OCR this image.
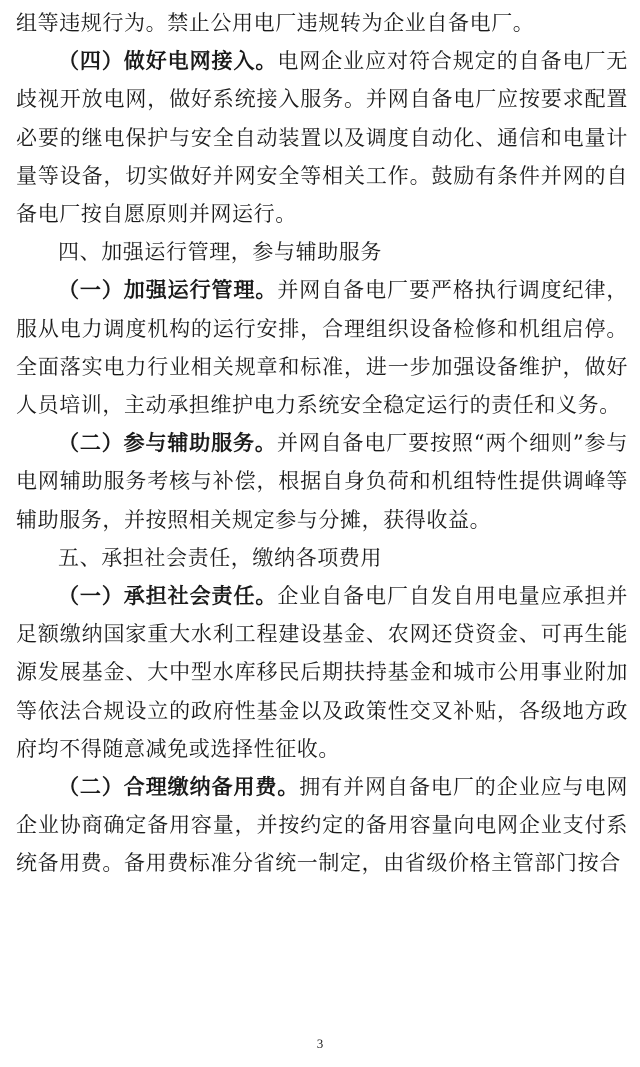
组等违规行为。禁止公用电厂违规转为企业自备电厂。

（四）做好电网接入。电网企业应对符合规定的自备电厂无歧视开放电网，做好系统接入服务。并网自备电厂应按要求配置必要的继电保护与安全自动装置以及调度自动化、通信和电量计量等设备，切实做好并网安全等相关工作。鼓励有条件并网的自备电厂按自愿原则并网运行。

四、加强运行管理，参与辅助服务

（一）加强运行管理。并网自备电厂要严格执行调度纪律，服从电力调度机构的运行安排，合理组织设备检修和机组启停。全面落实电力行业相关规章和标准，进一步加强设备维护，做好人员培训，主动承担维护电力系统安全稳定运行的责任和义务。

（二）参与辅助服务。并网自备电厂要按照“两个细则”参与电网辅助服务考核与补偿，根据自身负荷和机组特性提供调峰等辅助服务，并按照相关规定参与分摊，获得收益。

五、承担社会责任，缴纳各项费用

（一）承担社会责任。企业自备电厂自发自用电量应承担并足额缴纳国家重大水利工程建设基金、农网还贷资金、可再生能源发展基金、大中型水库移民后期扶持基金和城市公用事业附加等依法合规设立的政府性基金以及政策性交叉补贴，各级地方政府均不得随意减免或选择性征收。

（二）合理缴纳备用费。拥有并网自备电厂的企业应与电网企业协商确定备用容量，并按约定的备用容量向电网企业支付系统备用费。备用费标准分省统一制定，由省级价格主管部门按合

3
